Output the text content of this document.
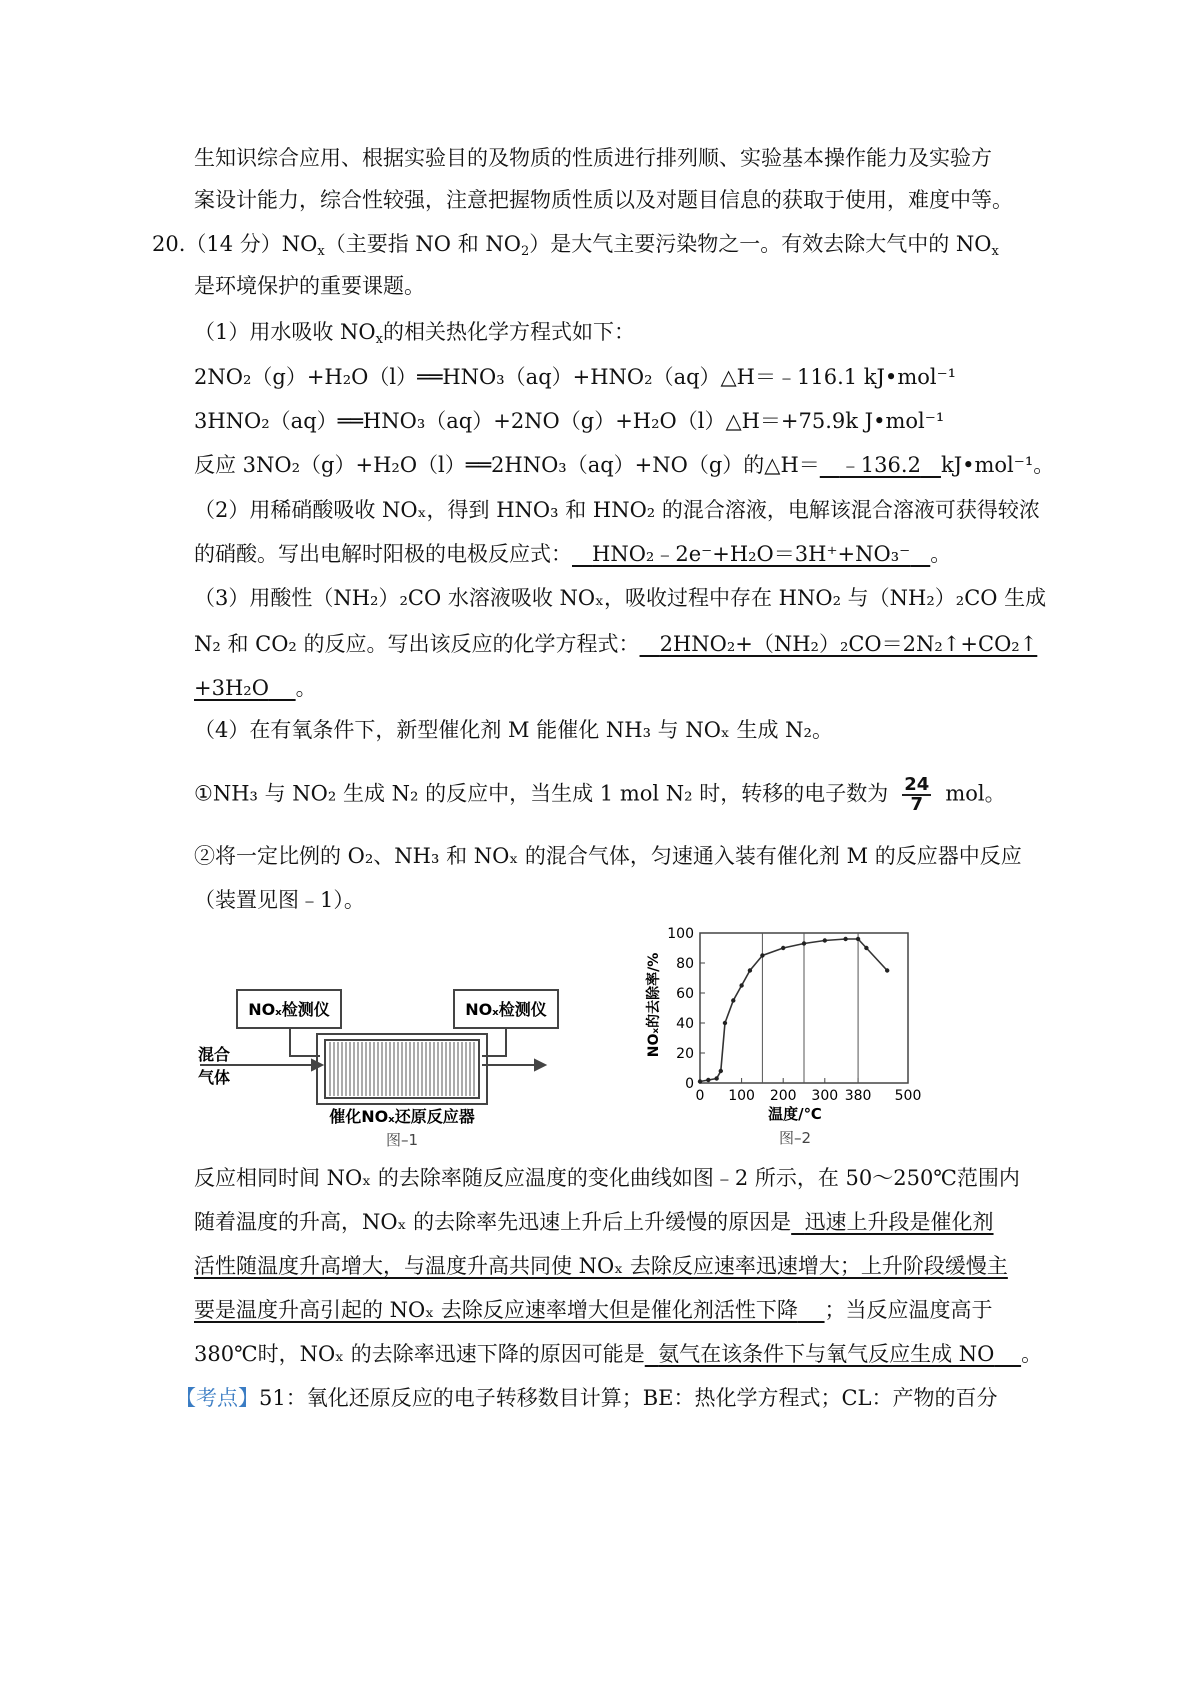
生知识综合应用、根据实验目的及物质的性质进行排列顺、实验基本操作能力及实验方
案设计能力，综合性较强，注意把握物质性质以及对题目信息的获取于使用，难度中等。
20.（14 分）$NO_x$（主要指 NO 和 $NO_2$）是大气主要污染物之一。有效去除大气中的 $NO_x$
是环境保护的重要课题。
（1）用水吸收 $NO_x$的相关热化学方程式如下：
2NO₂（g）+H₂O（l）══HNO₃（aq）+HNO₂（aq）△H＝﹣116.1 kJ•mol⁻¹
3HNO₂（aq）══HNO₃（aq）+2NO（g）+H₂O（l）△H＝+75.9k J•mol⁻¹
反应 3NO₂（g）+H₂O（l）══2HNO₃（aq）+NO（g）的△H＝ ﹣136.2 kJ•mol⁻¹。
（2）用稀硝酸吸收 NOₓ，得到 HNO₃ 和 HNO₂ 的混合溶液，电解该混合溶液可获得较浓
的硝酸。写出电解时阳极的电极反应式： HNO₂﹣2e⁻+H₂O＝3H⁺+NO₃⁻ 。
（3）用酸性（NH₂）₂CO 水溶液吸收 NOₓ，吸收过程中存在 HNO₂ 与（NH₂）₂CO 生成
N₂ 和 CO₂ 的反应。写出该反应的化学方程式： 2HNO₂+（NH₂）₂CO＝2N₂↑+CO₂↑
+3H₂O 。
（4）在有氧条件下，新型催化剂 M 能催化 NH₃ 与 NOₓ 生成 N₂。
①NH₃ 与 NO₂ 生成 N₂ 的反应中，当生成 1 mol N₂ 时，转移的电子数为 $\frac{24}{7}$ mol。
②将一定比例的 O₂、NH₃ 和 NOₓ 的混合气体，匀速通入装有催化剂 M 的反应器中反应
（装置见图﹣1）。
NOₓ检测仪	NOₓ检测仪
混合
气体
催化NOₓ还原反应器
图–1
0
20
40
60
80
100
0 100 200 300 380 500
温度/℃
NOₓ的去除率/%
图–2
反应相同时间 NOₓ 的去除率随反应温度的变化曲线如图﹣2 所示，在 50～250℃范围内
随着温度的升高，NOₓ 的去除率先迅速上升后上升缓慢的原因是 迅速上升段是催化剂
活性随温度升高增大，与温度升高共同使 NOₓ 去除反应速率迅速增大；上升阶段缓慢主
要是温度升高引起的 NOₓ 去除反应速率增大但是催化剂活性下降 ；当反应温度高于
380℃时，NOₓ 的去除率迅速下降的原因可能是 氨气在该条件下与氧气反应生成 NO 。
【考点】51：氧化还原反应的电子转移数目计算；BE：热化学方程式；CL：产物的百分
